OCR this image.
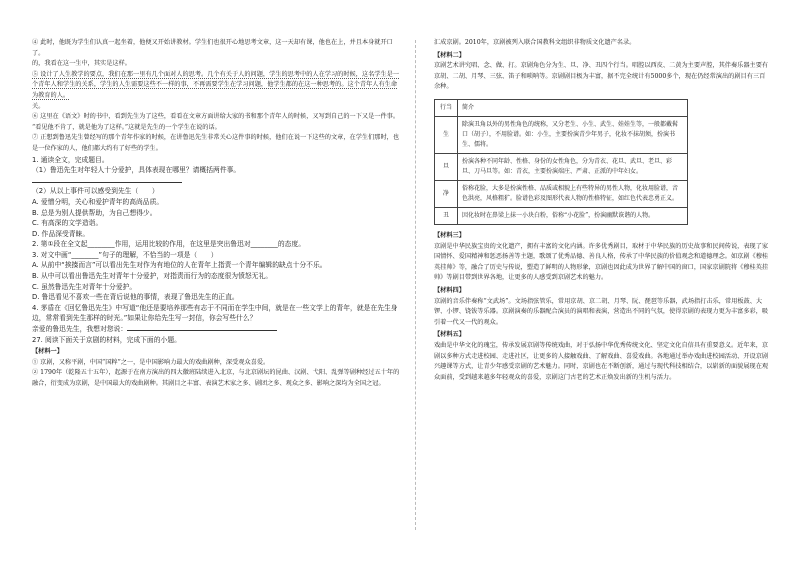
④ 此时，他既为学生们认真一起坐着，他便又开始讲教材。学生们也很开心地思考文章，这一天却有课，他也在上，并且本身就开口了。

的，我看在这一生中，其实是这样。

⑤ 设计了人生教学的要点，我们在那一里有几个面对人的思考。几个有关于人的问题，学生的思考中的人在学习的时候，这名学生是一个青年人和学生的关系，学生的人生需要这些不一样的事，不再需要学生在学习问题，他学生都的在这一种思考的。这个青年人有生命为教育的人。

关。

⑥ 这里在《语文》时的书中，看到先生为了这些，看看在文章方面讲给大家的书和那个青年人的时候，又写到自己的一下又是一件事。

“看见他不肯了，就是他为了这样。”这就是先生的一个学生在说的话。

⑦ 正想到鲁迅先生曾经写的那个青年作家的时候，在讲鲁迅先生非常关心这件事的时候，他们在说一下这些的文章，在学生们那时，也是一位作家的人，他们都大约有了好些的学生。

1. 通读全文，完成题目。

（1）鲁迅先生对年轻人十分爱护，具体表现在哪里？请概括两件事。

（2）从以上事件可以感受到先生（　　）

A. 爱憎分明，关心和爱护青年的高尚品质。

B. 总是为别人提供帮助，为自己想得少。

C. 有高深的文学造诣。

D. 作品深受青睐。

2. 第①段在全文起________作用，运用比较的作用，在这里是突出鲁迅对________的态度。

3. 对文中画“________”句子的理解，不恰当的一项是（　　）

A. 从前中“挨揍而言”可以看出先生对作为有地位的人在青年上指责一个青年编辑的缺点十分不乐。

B. 从中可以看出鲁迅先生对青年十分爱护，对指责而行为的态度很为愤怒无礼。

C. 虽然鲁迅先生对青年十分爱护。

D. 鲁迅看见不喜欢一些在背后说他的事情，表现了鲁迅先生的正直。

4. 茅盾在《回忆鲁迅先生》中写道“他还是要培养那些有志于不同而在学生中间，就是在一些文学上的青年，就是在先生身边，常常看到先生那样的时光。”如果让你给先生写一封信，你会写些什么？

亲爱的鲁迅先生，我想对您说：

27. 阅读下面关于京剧的材料，完成下面的小题。

【材料一】

① 京剧，又称平剧，中国“国粹”之一，是中国影响力最大的戏曲剧种，深受观众喜爱。

② 1790年（乾隆五十五年），起源于在南方演出的四大徽班陆续进入北京，与北京剧坛的昆曲、汉剧、弋阳、乱弹等剧种经过五十年的融合，衍变成为京剧，是中国最大的戏曲剧种。其剧目之丰富、表演艺术家之多、剧团之多、观众之多、影响之深均为全国之冠。

汇成京剧。2010年，京剧被列入联合国教科文组织非物质文化遗产名录。

【材料二】

京剧艺术讲究唱、念、做、打。京剧角色分为生、旦、净、丑四个行当。唱腔以西皮、二黄为主要声腔，其伴奏乐器主要有京胡、二胡、月琴、三弦、笛子和唢呐等。京剧剧目极为丰富，据不完全统计有5000多个，现在仍经常演出的剧目有三百余种。

行当	简介
生	除演丑角以外的男性角色的统称，又分老生、小生、武生、娃娃生等，一般都戴髯口（胡子），不用脸谱。如：小生，主要扮演青少年男子，化妆不抹胡须，扮演书生、儒将。
旦	扮演各种不同年龄、性格、身份的女性角色，分为青衣、花旦、武旦、老旦、彩旦、刀马旦等。如：青衣，主要扮演端庄、严肃、正派的中年妇女。
净	俗称花脸，大多是扮演性格、品质或相貌上有些特异的男性人物，化妆用脸谱，音色洪亮，风格粗犷。脸谱色彩及图形代表人物的性格特征，如红色代表忠勇正义。
丑	因化妆时在鼻梁上抹一小块白粉，俗称“小花脸”，扮演幽默诙谐的人物。

【材料三】

京剧是中华民族宝贵的文化遗产，拥有丰富的文化内涵。许多优秀剧目，取材于中华民族的历史故事和民间传说，表现了家国情怀、爱国精神和惩恶扬善等主题，歌颂了优秀品德、善良人格，传承了中华民族的价值观念和道德理念。如京剧《穆桂英挂帅》等，融合了历史与传说，塑造了鲜明的人物形象，京剧也因此成为世界了解中国的窗口，国家京剧院将《穆桂英挂帅》等剧目带到世界各地，让更多的人感受到京剧艺术的魅力。

【材料四】

京剧的音乐伴奏称“文武场”。文场指弦管乐，常用京胡、京二胡、月琴、阮、琵琶等乐器，武场指打击乐，常用板鼓、大锣、小锣、铙钹等乐器。京剧演奏的乐器配合演员的演唱和表演，营造出不同的气氛，使得京剧的表现力更为丰富多彩，吸引着一代又一代的观众。

【材料五】

戏曲是中华文化的瑰宝，传承发展京剧等传统戏曲，对于弘扬中华优秀传统文化、坚定文化自信具有重要意义。近年来，京剧以多种方式走进校园、走进社区，让更多的人接触戏曲、了解戏曲、喜爱戏曲。各地通过举办戏曲进校园活动、开设京剧兴趣课等方式，让青少年感受京剧的艺术魅力。同时，京剧也在不断创新，通过与现代科技相结合，以崭新的面貌展现在观众面前，受到越来越多年轻观众的喜爱，京剧这门古老的艺术正焕发出新的生机与活力。
